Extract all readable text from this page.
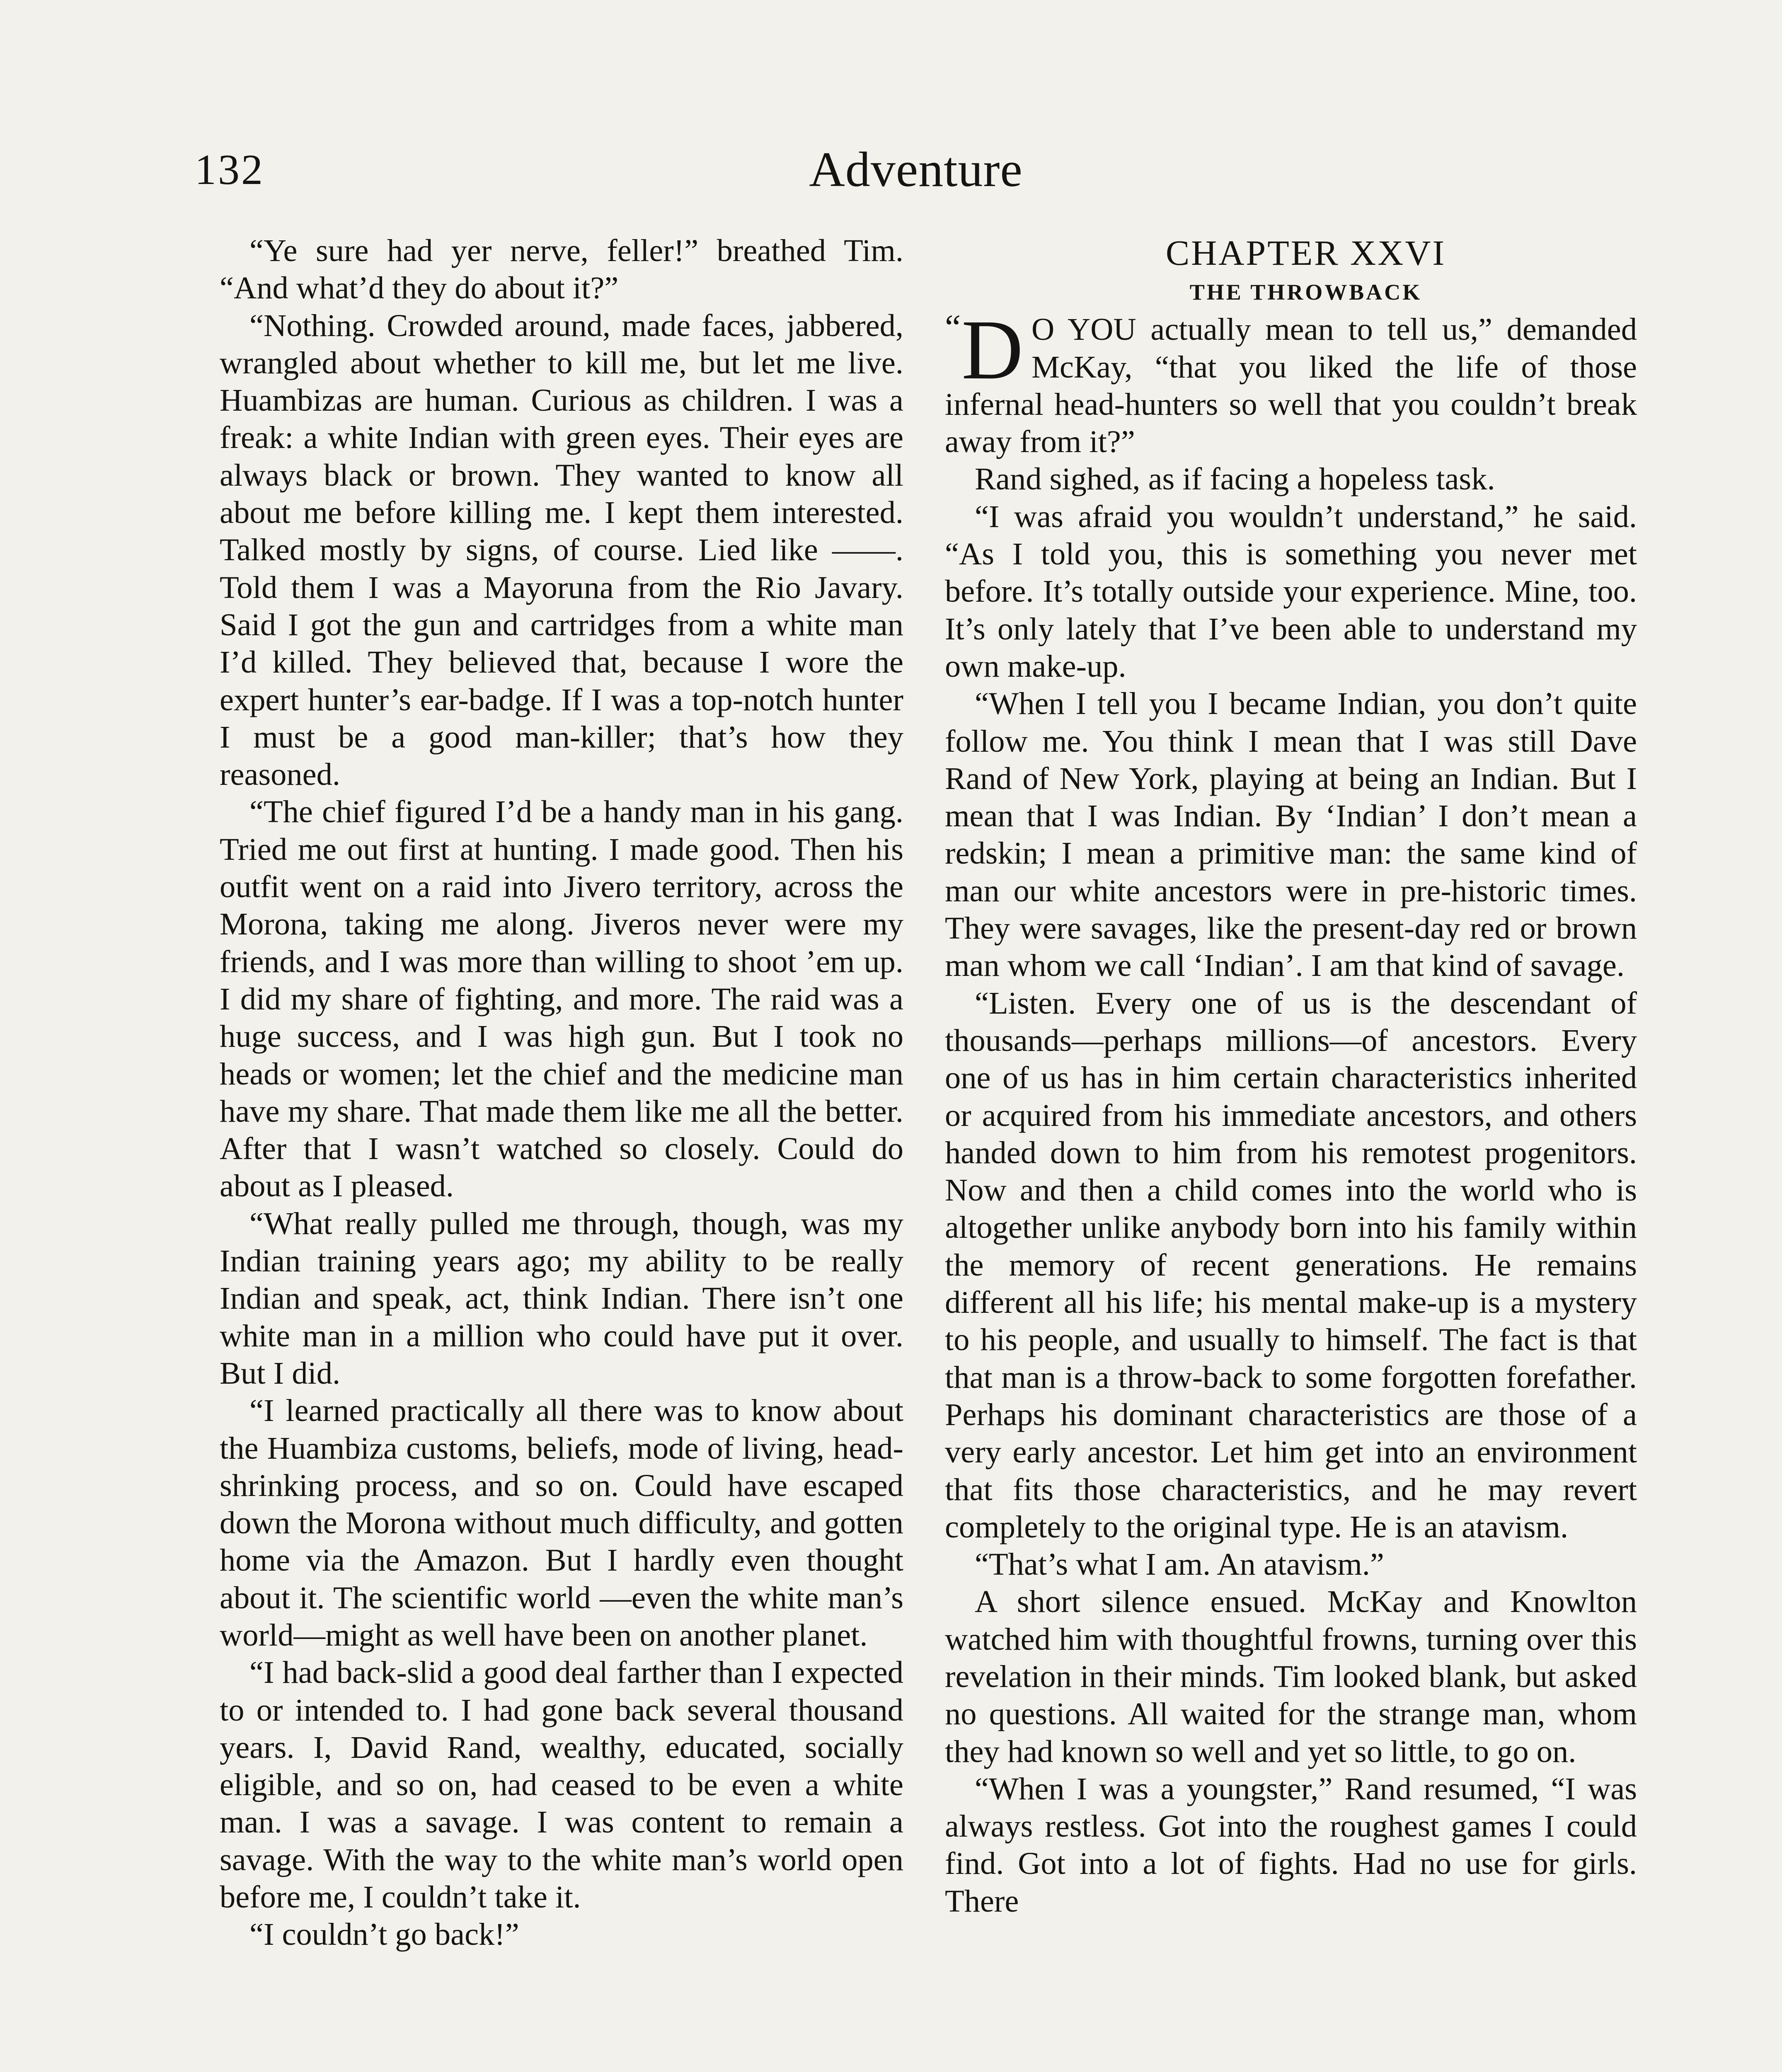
132	Adventure

“Ye sure had yer nerve, feller!” breathed Tim. “And what’d they do about it?”

“Nothing. Crowded around, made faces, jabbered, wrangled about whether to kill me, but let me live. Huambizas are human. Curious as children. I was a freak: a white Indian with green eyes. Their eyes are always black or brown. They wanted to know all about me before killing me. I kept them interested. Talked mostly by signs, of course. Lied like ——. Told them I was a Mayoruna from the Rio Javary. Said I got the gun and cartridges from a white man I’d killed. They believed that, because I wore the expert hunter’s ear-badge. If I was a top-notch hunter I must be a good man-killer; that’s how they reasoned.

“The chief figured I’d be a handy man in his gang. Tried me out first at hunting. I made good. Then his outfit went on a raid into Jivero territory, across the Morona, taking me along. Jiveros never were my friends, and I was more than willing to shoot ’em up. I did my share of fighting, and more. The raid was a huge success, and I was high gun. But I took no heads or women; let the chief and the medicine man have my share. That made them like me all the better. After that I wasn’t watched so closely. Could do about as I pleased.

“What really pulled me through, though, was my Indian training years ago; my ability to be really Indian and speak, act, think Indian. There isn’t one white man in a million who could have put it over. But I did.

“I learned practically all there was to know about the Huambiza customs, beliefs, mode of living, head-shrinking process, and so on. Could have escaped down the Morona without much difficulty, and gotten home via the Amazon. But I hardly even thought about it. The scientific world —even the white man’s world—might as well have been on another planet.

“I had back-slid a good deal farther than I expected to or intended to. I had gone back several thousand years. I, David Rand, wealthy, educated, socially eligible, and so on, had ceased to be even a white man. I was a savage. I was content to remain a savage. With the way to the white man’s world open before me, I couldn’t take it.

“I couldn’t go back!”

CHAPTER XXVI

THE THROWBACK

“ D O YOU actually mean to tell us,” demanded McKay, “that you liked the life of those infernal head-hunters so well that you couldn’t break away from it?”

Rand sighed, as if facing a hopeless task.

“I was afraid you wouldn’t understand,” he said. “As I told you, this is something you never met before. It’s totally outside your experience. Mine, too. It’s only lately that I’ve been able to understand my own make-up.

“When I tell you I became Indian, you don’t quite follow me. You think I mean that I was still Dave Rand of New York, playing at being an Indian. But I mean that I was Indian. By ‘Indian’ I don’t mean a redskin; I mean a primitive man: the same kind of man our white ancestors were in pre-historic times. They were savages, like the present-day red or brown man whom we call ‘Indian’. I am that kind of savage.

“Listen. Every one of us is the descendant of thousands—perhaps millions—of ancestors. Every one of us has in him certain characteristics inherited or acquired from his immediate ancestors, and others handed down to him from his remotest progenitors. Now and then a child comes into the world who is altogether unlike anybody born into his family within the memory of recent generations. He remains different all his life; his mental make-up is a mystery to his people, and usually to himself. The fact is that that man is a throw-back to some forgotten forefather. Perhaps his dominant characteristics are those of a very early ancestor. Let him get into an environment that fits those characteristics, and he may revert completely to the original type. He is an atavism.

“That’s what I am. An atavism.”

A short silence ensued. McKay and Knowlton watched him with thoughtful frowns, turning over this revelation in their minds. Tim looked blank, but asked no questions. All waited for the strange man, whom they had known so well and yet so little, to go on.

“When I was a youngster,” Rand resumed, “I was always restless. Got into the roughest games I could find. Got into a lot of fights. Had no use for girls. There
